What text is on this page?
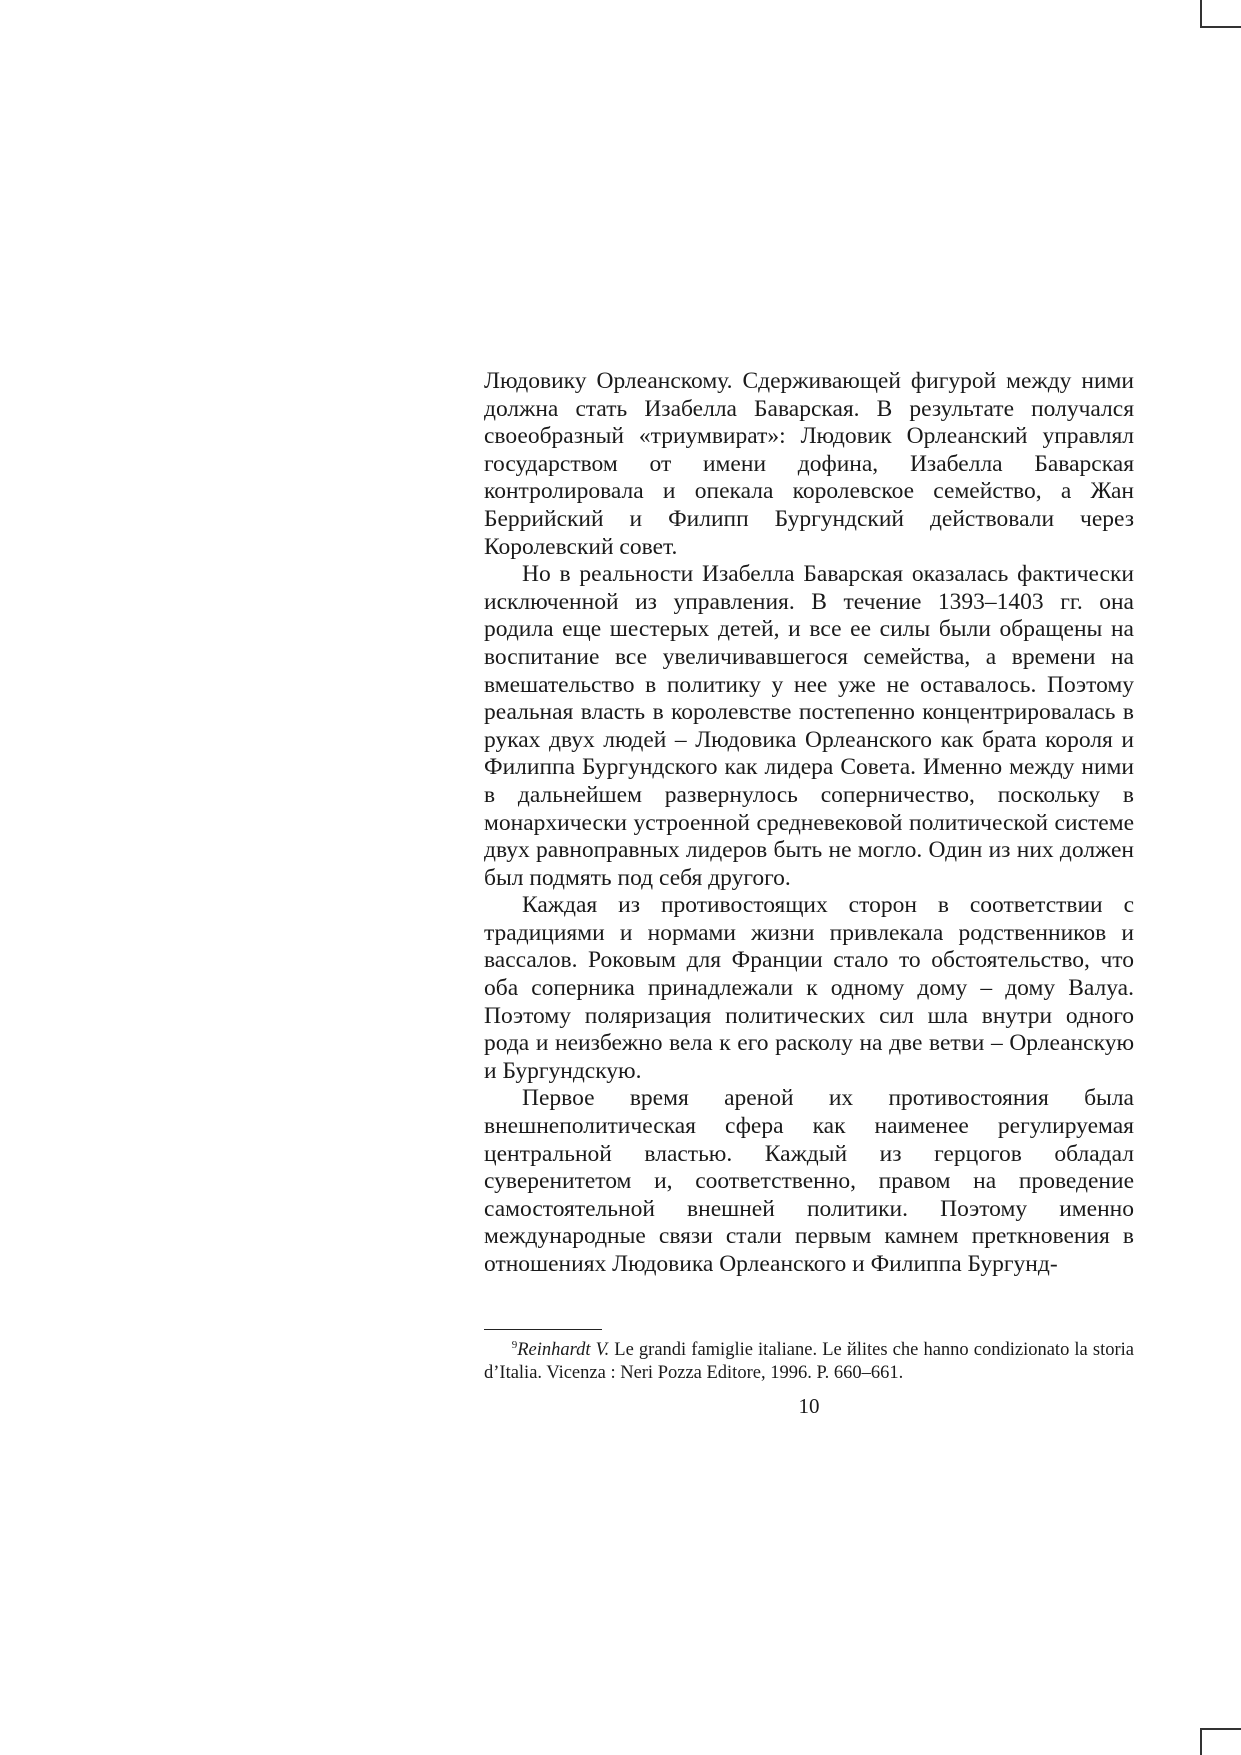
Людовику Орлеанскому. Сдерживающей фигурой между ними должна стать Изабелла Баварская. В результате получался своеобразный «триумвират»: Людовик Орлеанский управлял государством от имени дофина, Изабелла Баварская контролировала и опекала королевское семейство, а Жан Беррийский и Филипп Бургундский действовали через Королевский совет.

Но в реальности Изабелла Баварская оказалась фактически исключенной из управления. В течение 1393–1403 гг. она родила еще шестерых детей, и все ее силы были обращены на воспитание все увеличивавшегося семейства, а времени на вмешательство в политику у нее уже не оставалось. Поэтому реальная власть в королевстве постепенно концентрировалась в руках двух людей – Людовика Орлеанского как брата короля и Филиппа Бургундского как лидера Совета. Именно между ними в дальнейшем развернулось соперничество, поскольку в монархически устроенной средневековой политической системе двух равноправных лидеров быть не могло. Один из них должен был подмять под себя другого.

Каждая из противостоящих сторон в соответствии с традициями и нормами жизни привлекала родственников и вассалов. Роковым для Франции стало то обстоятельство, что оба соперника принадлежали к одному дому – дому Валуа. Поэтому поляризация политических сил шла внутри одного рода и неизбежно вела к его расколу на две ветви – Орлеанскую и Бургундскую.

Первое время ареной их противостояния была внешнеполитическая сфера как наименее регулируемая центральной властью. Каждый из герцогов обладал суверенитетом и, соответственно, правом на проведение самостоятельной внешней политики. Поэтому именно международные связи стали первым камнем преткновения в отношениях Людовика Орлеанского и Филиппа Бургунд-

  $^9$Reinhardt V. Le grandi famiglie italiane. Le йlites che hanno condizionato la storia d’Italia. Vicenza : Neri Pozza Editore, 1996. P. 660–661.
10
